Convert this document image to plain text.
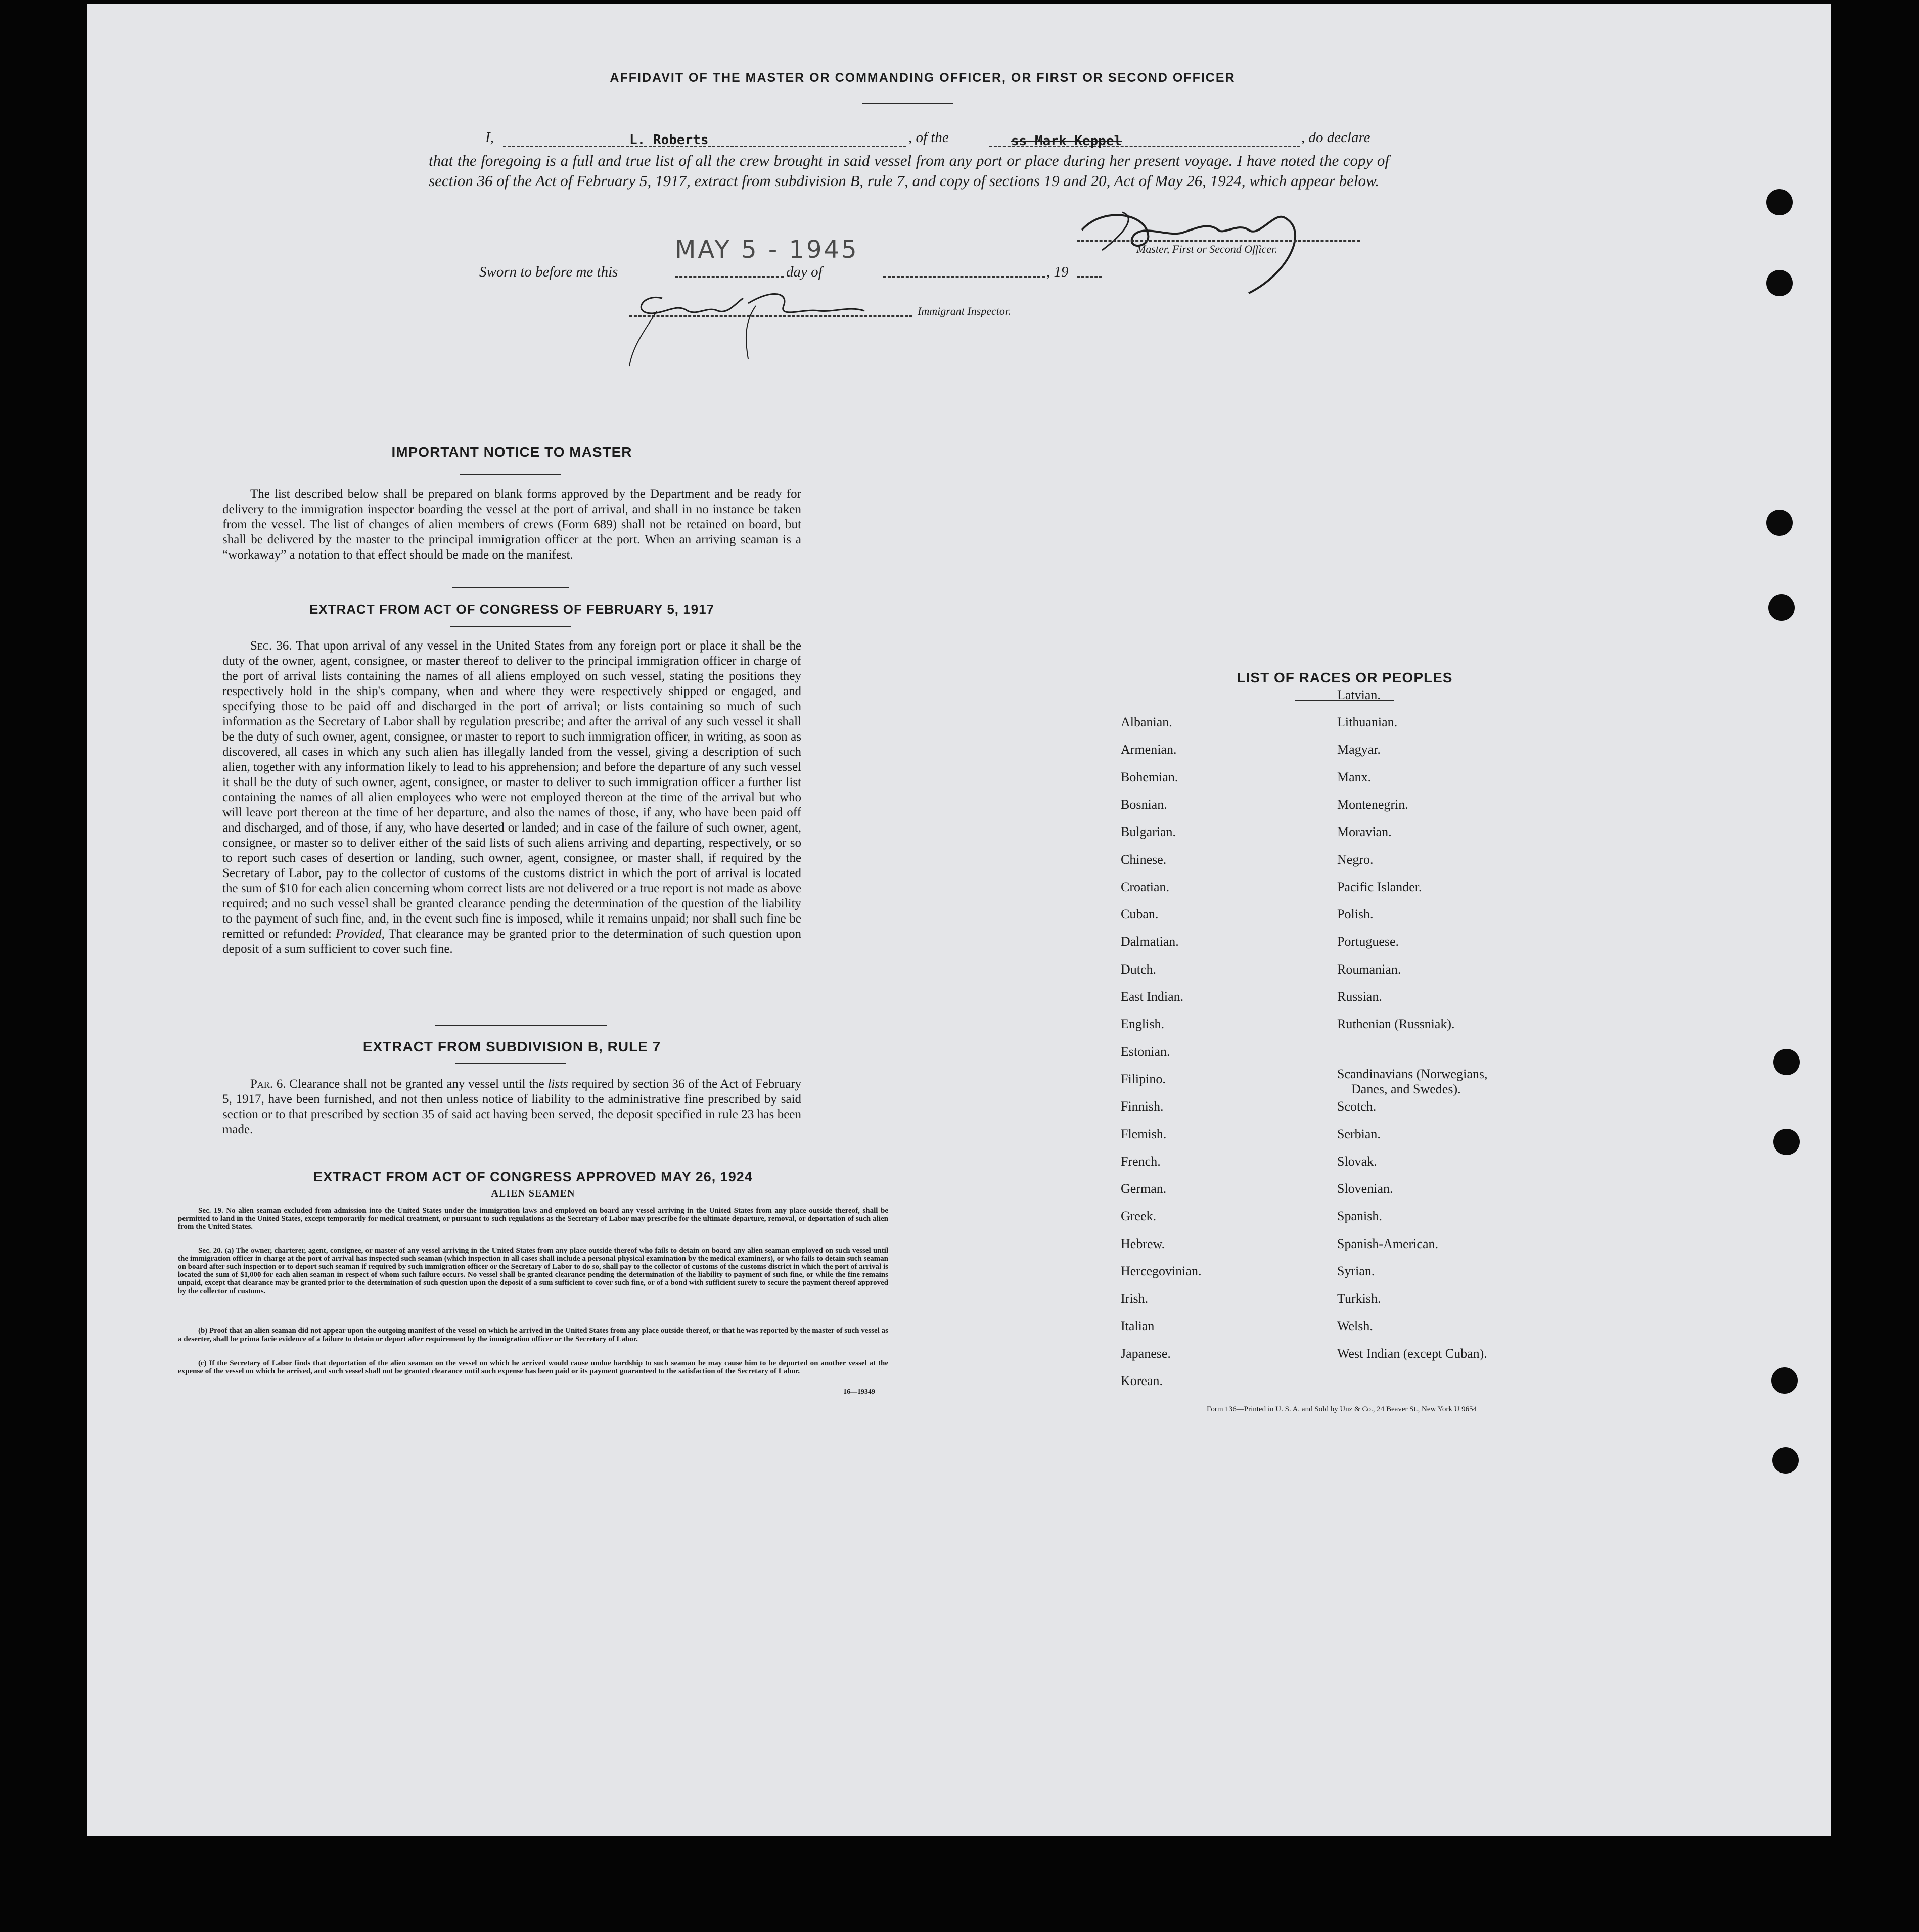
AFFIDAVIT OF THE MASTER OR COMMANDING OFFICER, OR FIRST OR SECOND OFFICER
I,	L. Roberts	, of the	ss Mark Keppel	, do declare
that the foregoing is a full and true list of all the crew brought in said vessel from any port or place during her present voyage. I have noted the copy of section 36 of the Act of February 5, 1917, extract from subdivision B, rule 7, and copy of sections 19 and 20, Act of May 26, 1924, which appear below.
MAY 5 - 1945	Master, First or Second Officer.
Sworn to before me this	day of	, 19
Immigrant Inspector.
IMPORTANT NOTICE TO MASTER
The list described below shall be prepared on blank forms approved by the Department and be ready for delivery to the immigration inspector boarding the vessel at the port of arrival, and shall in no instance be taken from the vessel. The list of changes of alien members of crews (Form 689) shall not be retained on board, but shall be delivered by the master to the principal immigration officer at the port. When an arriving seaman is a “workaway” a notation to that effect should be made on the manifest.
EXTRACT FROM ACT OF CONGRESS OF FEBRUARY 5, 1917
Sec. 36. That upon arrival of any vessel in the United States from any foreign port or place it shall be the duty of the owner, agent, consignee, or master thereof to deliver to the principal immigration officer in charge of the port of arrival lists containing the names of all aliens employed on such vessel, stating the positions they respectively hold in the ship's company, when and where they were respectively shipped or engaged, and specifying those to be paid off and discharged in the port of arrival; or lists containing so much of such information as the Secretary of Labor shall by regulation prescribe; and after the arrival of any such vessel it shall be the duty of such owner, agent, consignee, or master to report to such immigration officer, in writing, as soon as discovered, all cases in which any such alien has illegally landed from the vessel, giving a description of such alien, together with any information likely to lead to his apprehension; and before the departure of any such vessel it shall be the duty of such owner, agent, consignee, or master to deliver to such immigration officer a further list containing the names of all alien employees who were not employed thereon at the time of the arrival but who will leave port thereon at the time of her departure, and also the names of those, if any, who have been paid off and discharged, and of those, if any, who have deserted or landed; and in case of the failure of such owner, agent, consignee, or master so to deliver either of the said lists of such aliens arriving and departing, respectively, or so to report such cases of desertion or landing, such owner, agent, consignee, or master shall, if required by the Secretary of Labor, pay to the collector of customs of the customs district in which the port of arrival is located the sum of $10 for each alien concerning whom correct lists are not delivered or a true report is not made as above required; and no such vessel shall be granted clearance pending the determination of the question of the liability to the payment of such fine, and, in the event such fine is imposed, while it remains unpaid; nor shall such fine be remitted or refunded: Provided, That clearance may be granted prior to the determination of such question upon deposit of a sum sufficient to cover such fine.
EXTRACT FROM SUBDIVISION B, RULE 7
Par. 6. Clearance shall not be granted any vessel until the lists required by section 36 of the Act of February 5, 1917, have been furnished, and not then unless notice of liability to the administrative fine prescribed by said section or to that prescribed by section 35 of said act having been served, the deposit specified in rule 23 has been made.
EXTRACT FROM ACT OF CONGRESS APPROVED MAY 26, 1924
ALIEN SEAMEN
Sec. 19. No alien seaman excluded from admission into the United States under the immigration laws and employed on board any vessel arriving in the United States from any place outside thereof, shall be permitted to land in the United States, except temporarily for medical treatment, or pursuant to such regulations as the Secretary of Labor may prescribe for the ultimate departure, removal, or deportation of such alien from the United States.
Sec. 20. (a) The owner, charterer, agent, consignee, or master of any vessel arriving in the United States from any place outside thereof who fails to detain on board any alien seaman employed on such vessel until the immigration officer in charge at the port of arrival has inspected such seaman (which inspection in all cases shall include a personal physical examination by the medical examiners), or who fails to detain such seaman on board after such inspection or to deport such seaman if required by such immigration officer or the Secretary of Labor to do so, shall pay to the collector of customs of the customs district in which the port of arrival is located the sum of $1,000 for each alien seaman in respect of whom such failure occurs. No vessel shall be granted clearance pending the determination of the liability to payment of such fine, or while the fine remains unpaid, except that clearance may be granted prior to the determination of such question upon the deposit of a sum sufficient to cover such fine, or of a bond with sufficient surety to secure the payment thereof approved by the collector of customs.
(b) Proof that an alien seaman did not appear upon the outgoing manifest of the vessel on which he arrived in the United States from any place outside thereof, or that he was reported by the master of such vessel as a deserter, shall be prima facie evidence of a failure to detain or deport after requirement by the immigration officer or the Secretary of Labor.
(c) If the Secretary of Labor finds that deportation of the alien seaman on the vessel on which he arrived would cause undue hardship to such seaman he may cause him to be deported on another vessel at the expense of the vessel on which he arrived, and such vessel shall not be granted clearance until such expense has been paid or its payment guaranteed to the satisfaction of the Secretary of Labor.
16—19349
LIST OF RACES OR PEOPLES
Albanian.
Armenian.
Bohemian.
Bosnian.
Bulgarian.
Chinese.
Croatian.
Cuban.
Dalmatian.
Dutch.
East Indian.
English.
Estonian.
Filipino.
Finnish.
Flemish.
French.
German.
Greek.
Hebrew.
Hercegovinian.
Irish.
Italian
Japanese.
Korean.
Latvian.
Lithuanian.
Magyar.
Manx.
Montenegrin.
Moravian.
Negro.
Pacific Islander.
Polish.
Portuguese.
Roumanian.
Russian.
Ruthenian (Russniak).
Scandinavians (Norwegians,
Danes, and Swedes).
Scotch.
Serbian.
Slovak.
Slovenian.
Spanish.
Spanish-American.
Syrian.
Turkish.
Welsh.
West Indian (except Cuban).
Form 136—Printed in U. S. A. and Sold by Unz & Co., 24 Beaver St., New York U 9654
